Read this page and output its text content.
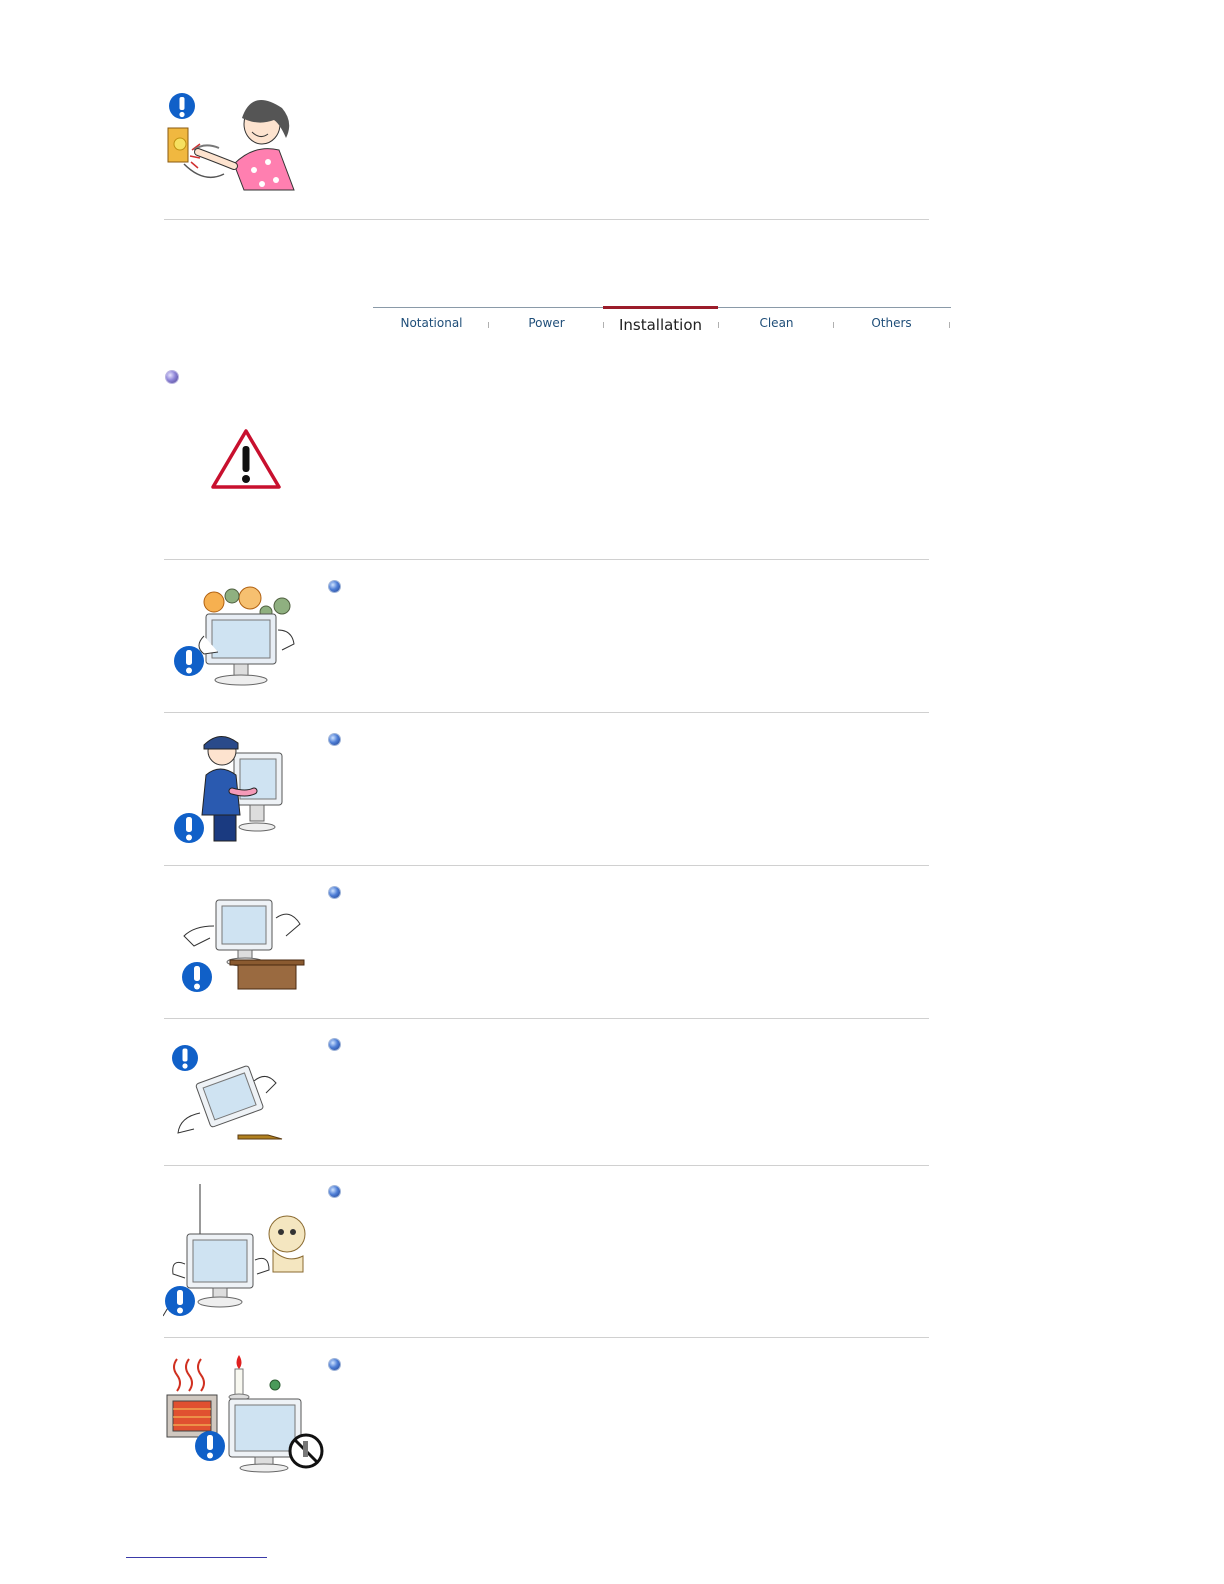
Notational	Power	Installation	Clean	Others
